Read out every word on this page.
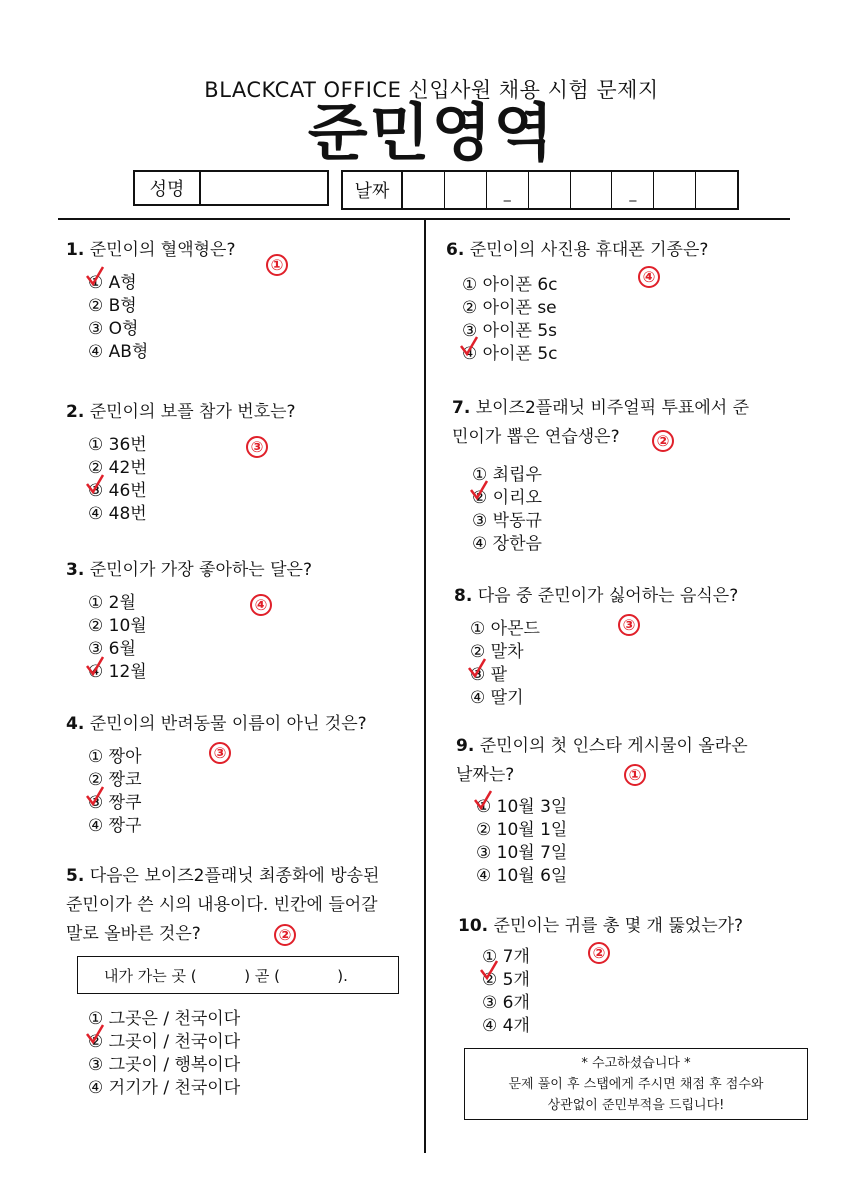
BLACKCAT OFFICE 신입사원 채용 시험 문제지
준민영역
성명	날짜	_	_
1. 준민이의 혈액형은?
①
① A형
② B형
③ O형
④ AB형
2. 준민이의 보플 참가 번호는?
③
① 36번
② 42번
③ 46번
④ 48번
3. 준민이가 가장 좋아하는 달은?
④
① 2월
② 10월
③ 6월
④ 12월
4. 준민이의 반려동물 이름이 아닌 것은?
③
① 짱아
② 짱코
③ 짱쿠
④ 짱구
5. 다음은 보이즈2플래닛 최종화에 방송된
준민이가 쓴 시의 내용이다. 빈칸에 들어갈
말로 올바른 것은?	②
내가 가는 곳 (          ) 곧 (            ).
① 그곳은 / 천국이다
② 그곳이 / 천국이다
③ 그곳이 / 행복이다
④ 거기가 / 천국이다
6. 준민이의 사진용 휴대폰 기종은?
④
① 아이폰 6c
② 아이폰 se
③ 아이폰 5s
④ 아이폰 5c
7. 보이즈2플래닛 비주얼픽 투표에서 준
민이가 뽑은 연습생은?	②
① 최립우
② 이리오
③ 박동규
④ 장한음
8. 다음 중 준민이가 싫어하는 음식은?
③
① 아몬드
② 말차
③ 팥
④ 딸기
9. 준민이의 첫 인스타 게시물이 올라온
날짜는?	①
① 10월 3일
② 10월 1일
③ 10월 7일
④ 10월 6일
10. 준민이는 귀를 총 몇 개 뚫었는가?
②
① 7개
② 5개
③ 6개
④ 4개
* 수고하셨습니다 *
문제 풀이 후 스탭에게 주시면 채점 후 점수와
상관없이 준민부적을 드립니다!
